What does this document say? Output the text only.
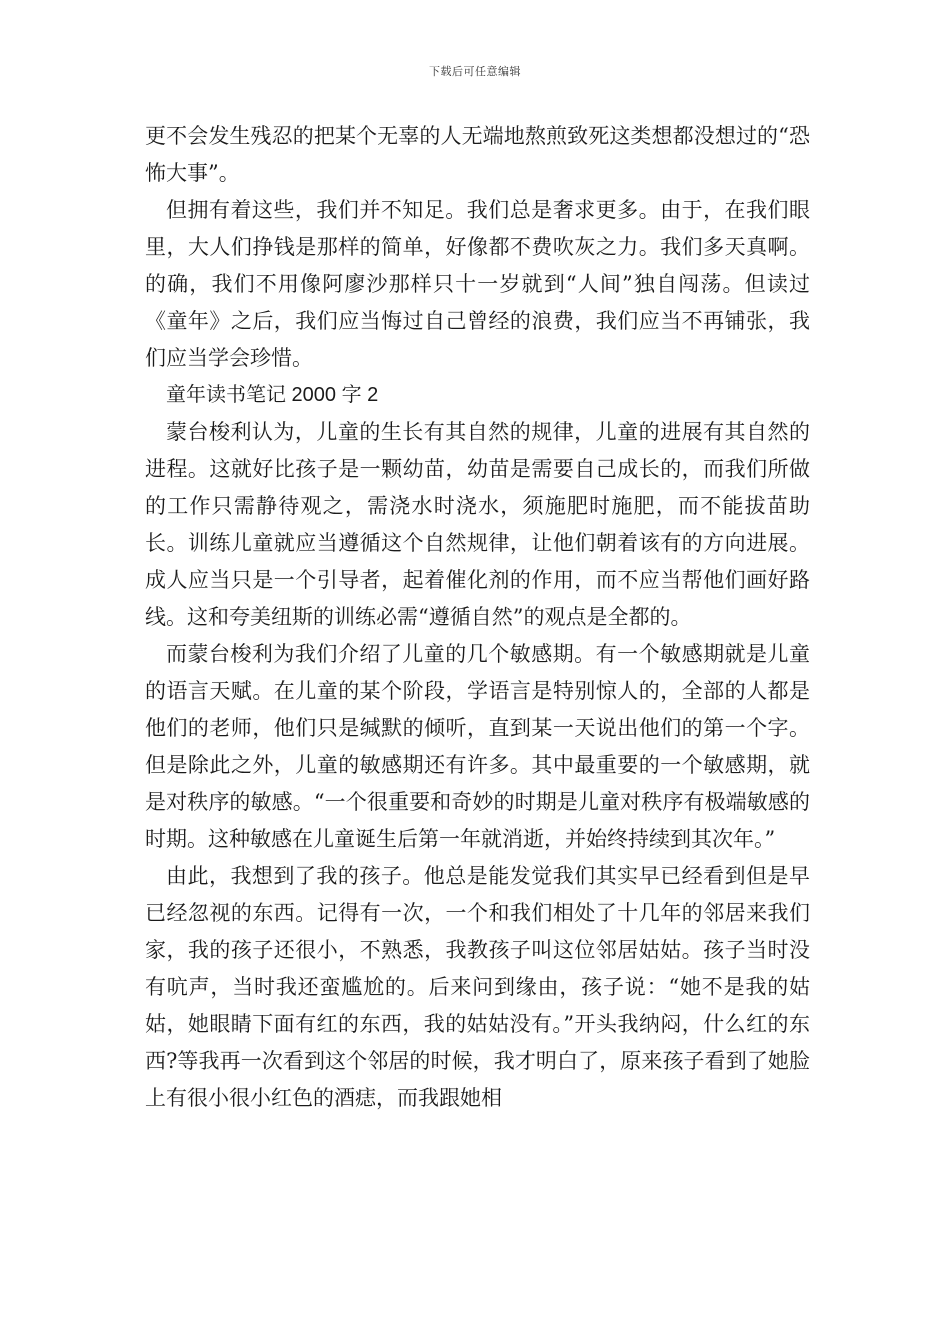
下载后可任意编辑

更不会发生残忍的把某个无辜的人无端地熬煎致死这类想都没想过的“恐怖大事”。

但拥有着这些，我们并不知足。我们总是奢求更多。由于，在我们眼里，大人们挣钱是那样的简单，好像都不费吹灰之力。我们多天真啊。的确，我们不用像阿廖沙那样只十一岁就到“人间”独自闯荡。但读过《童年》之后，我们应当悔过自己曾经的浪费，我们应当不再铺张，我们应当学会珍惜。

童年读书笔记 2000 字 2

蒙台梭利认为，儿童的生长有其自然的规律，儿童的进展有其自然的进程。这就好比孩子是一颗幼苗，幼苗是需要自己成长的，而我们所做的工作只需静待观之，需浇水时浇水，须施肥时施肥，而不能拔苗助长。训练儿童就应当遵循这个自然规律，让他们朝着该有的方向进展。成人应当只是一个引导者，起着催化剂的作用，而不应当帮他们画好路线。这和夸美纽斯的训练必需“遵循自然”的观点是全都的。

而蒙台梭利为我们介绍了儿童的几个敏感期。有一个敏感期就是儿童的语言天赋。在儿童的某个阶段，学语言是特别惊人的，全部的人都是他们的老师，他们只是缄默的倾听，直到某一天说出他们的第一个字。但是除此之外，儿童的敏感期还有许多。其中最重要的一个敏感期，就是对秩序的敏感。“一个很重要和奇妙的时期是儿童对秩序有极端敏感的时期。这种敏感在儿童诞生后第一年就消逝，并始终持续到其次年。”

由此，我想到了我的孩子。他总是能发觉我们其实早已经看到但是早已经忽视的东西。记得有一次，一个和我们相处了十几年的邻居来我们家，我的孩子还很小，不熟悉，我教孩子叫这位邻居姑姑。孩子当时没有吭声，当时我还蛮尴尬的。后来问到缘由，孩子说：“她不是我的姑姑，她眼睛下面有红的东西，我的姑姑没有。”开头我纳闷，什么红的东西?等我再一次看到这个邻居的时候，我才明白了，原来孩子看到了她脸上有很小很小红色的酒痣，而我跟她相
